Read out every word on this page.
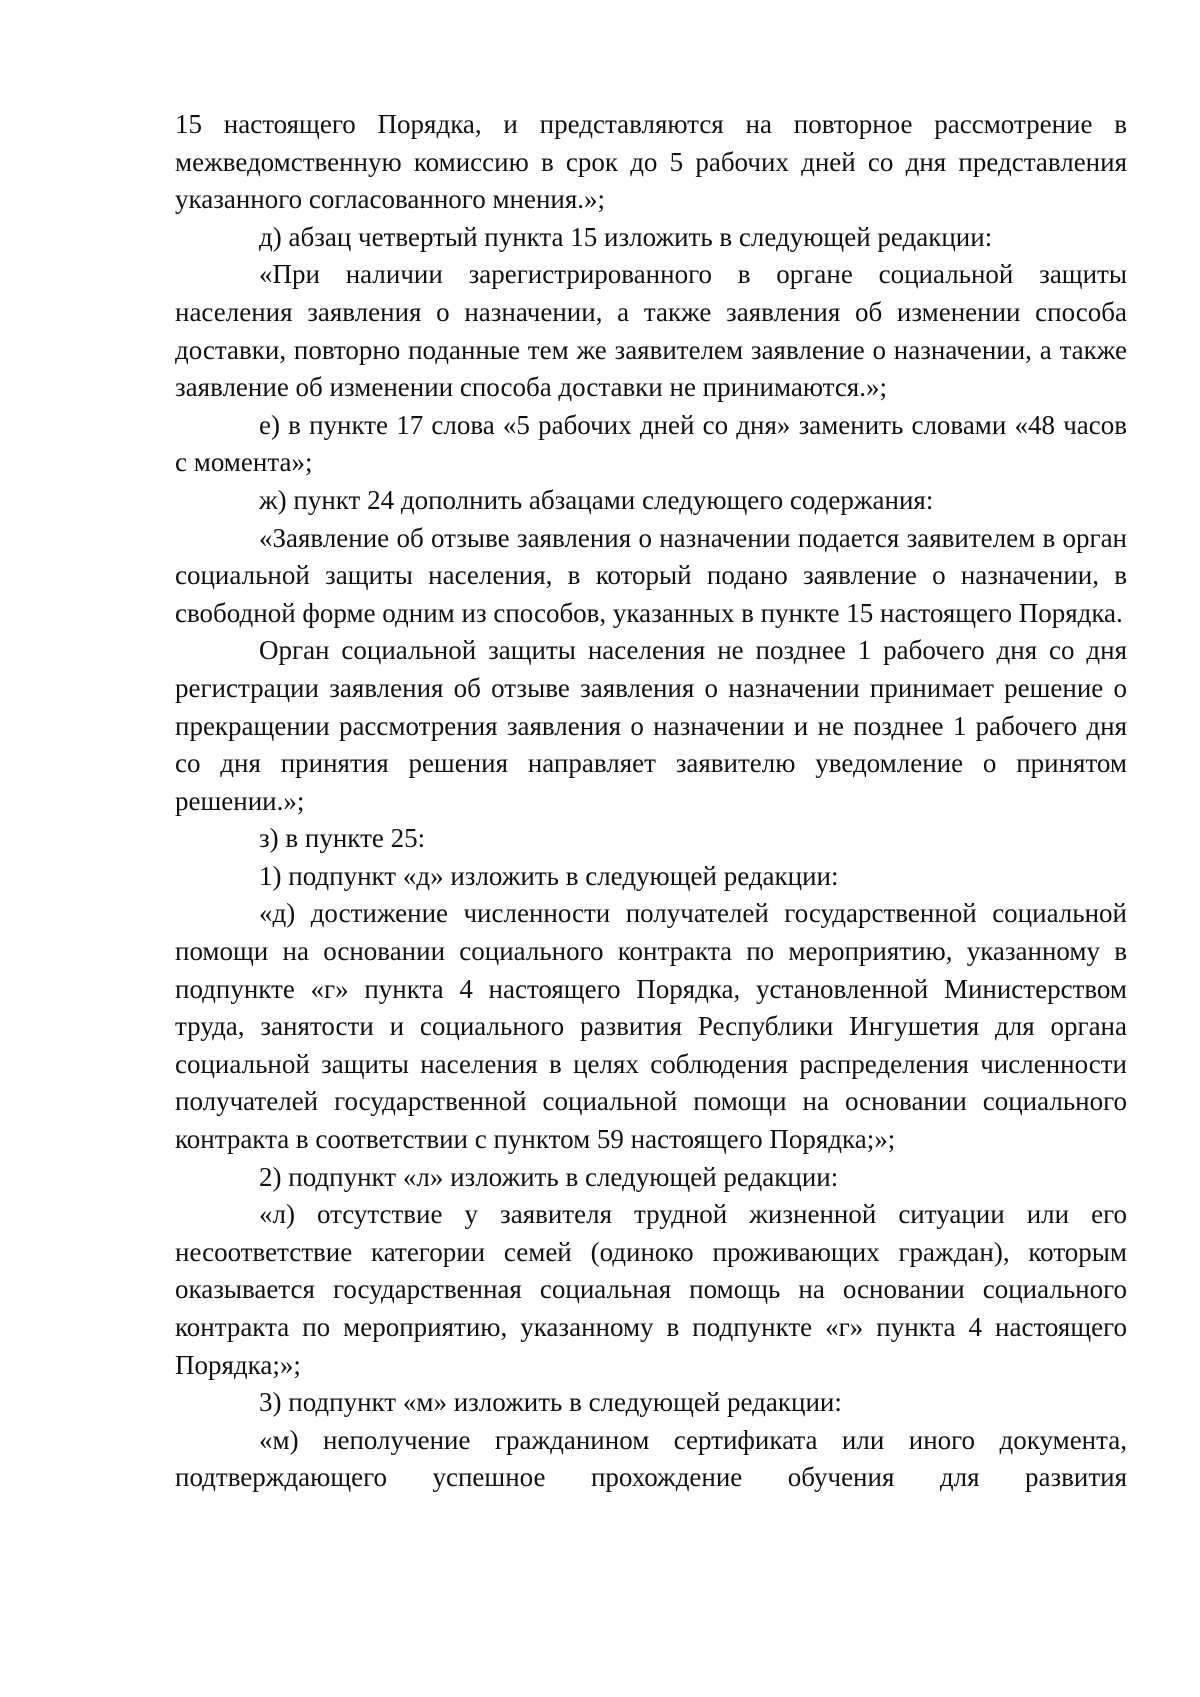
15 настоящего Порядка, и представляются на повторное рассмотрение в межведомственную комиссию в срок до 5 рабочих дней со дня представления указанного согласованного мнения.»;

д) абзац четвертый пункта 15 изложить в следующей редакции:

«При наличии зарегистрированного в органе социальной защиты населения заявления о назначении, а также заявления об изменении способа доставки, повторно поданные тем же заявителем заявление о назначении, а также заявление об изменении способа доставки не принимаются.»;

е) в пункте 17 слова «5 рабочих дней со дня» заменить словами «48 часов с момента»;

ж) пункт 24 дополнить абзацами следующего содержания:

«Заявление об отзыве заявления о назначении подается заявителем в орган социальной защиты населения, в который подано заявление о назначении, в свободной форме одним из способов, указанных в пункте 15 настоящего Порядка.

Орган социальной защиты населения не позднее 1 рабочего дня со дня регистрации заявления об отзыве заявления о назначении принимает решение о прекращении рассмотрения заявления о назначении и не позднее 1 рабочего дня со дня принятия решения направляет заявителю уведомление о принятом решении.»;

з) в пункте 25:

1) подпункт «д» изложить в следующей редакции:

«д) достижение численности получателей государственной социальной помощи на основании социального контракта по мероприятию, указанному в подпункте «г» пункта 4 настоящего Порядка, установленной Министерством труда, занятости и социального развития Республики Ингушетия для органа социальной защиты населения в целях соблюдения распределения численности получателей государственной социальной помощи на основании социального контракта в соответствии с пунктом 59 настоящего Порядка;»;

2) подпункт «л» изложить в следующей редакции:

«л) отсутствие у заявителя трудной жизненной ситуации или его несоответствие категории семей (одиноко проживающих граждан), которым оказывается государственная социальная помощь на основании социального контракта по мероприятию, указанному в подпункте «г» пункта 4 настоящего Порядка;»;

3) подпункт «м» изложить в следующей редакции:

«м) неполучение гражданином сертификата или иного документа, подтверждающего успешное прохождение обучения для развития
